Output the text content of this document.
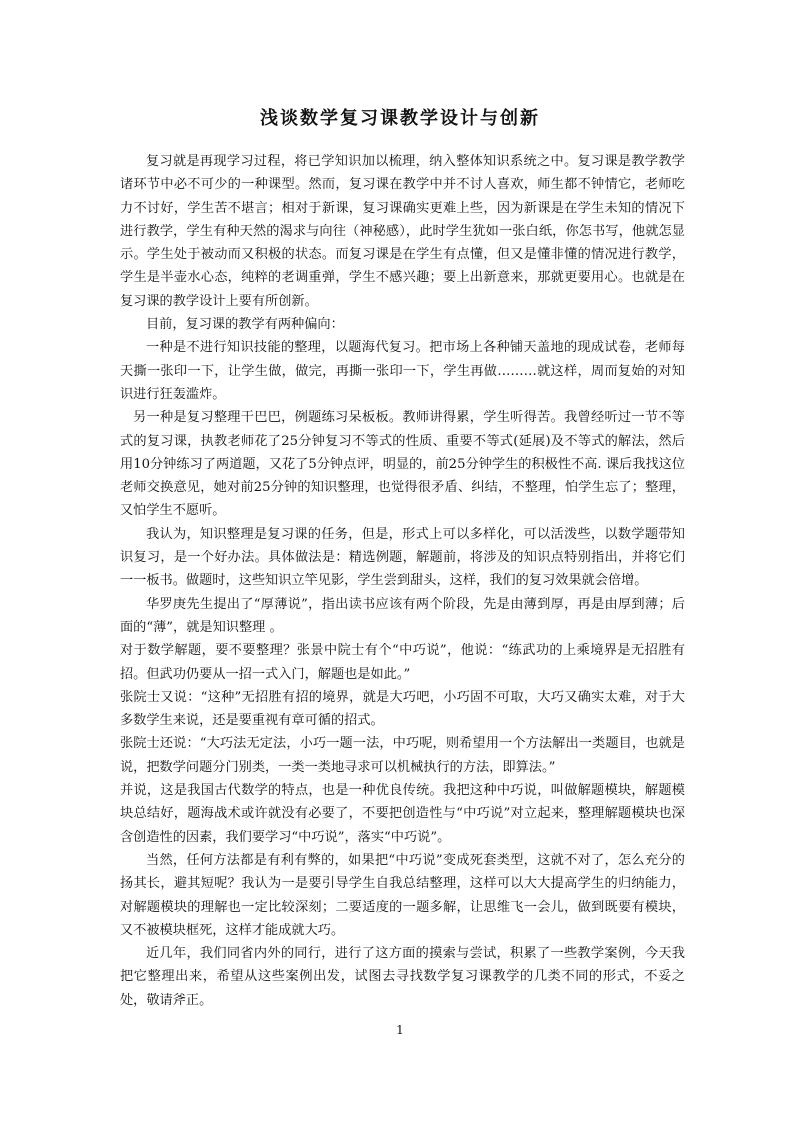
浅谈数学复习课教学设计与创新

复习就是再现学习过程，将已学知识加以梳理，纳入整体知识系统之中。复习课是教学教学诸环节中必不可少的一种课型。然而，复习课在教学中并不讨人喜欢，师生都不钟情它，老师吃力不讨好，学生苦不堪言；相对于新课，复习课确实更难上些，因为新课是在学生未知的情况下进行教学，学生有种天然的渴求与向往（神秘感），此时学生犹如一张白纸，你怎书写，他就怎显示。学生处于被动而又积极的状态。而复习课是在学生有点懂，但又是懂非懂的情况进行教学，学生是半壶水心态，纯粹的老调重弹，学生不感兴趣；要上出新意来，那就更要用心。也就是在复习课的教学设计上要有所创新。

目前，复习课的教学有两种偏向：

一种是不进行知识技能的整理，以题海代复习。把市场上各种铺天盖地的现成试卷，老师每天撕一张印一下，让学生做，做完，再撕一张印一下，学生再做………就这样，周而复始的对知识进行狂轰滥炸。

另一种是复习整理干巴巴，例题练习呆板板。教师讲得累，学生听得苦。我曾经听过一节不等式的复习课，执教老师花了25分钟复习不等式的性质、重要不等式(延展)及不等式的解法，然后用10分钟练习了两道题，又花了5分钟点评，明显的，前25分钟学生的积极性不高. 课后我找这位老师交换意见，她对前25分钟的知识整理，也觉得很矛盾、纠结，不整理，怕学生忘了；整理，又怕学生不愿听。

我认为，知识整理是复习课的任务，但是，形式上可以多样化，可以活泼些，以数学题带知识复习，是一个好办法。具体做法是：精选例题，解题前，将涉及的知识点特别指出，并将它们一一板书。做题时，这些知识立竿见影，学生尝到甜头，这样，我们的复习效果就会倍增。

华罗庚先生提出了“厚薄说”，指出读书应该有两个阶段，先是由薄到厚，再是由厚到薄；后面的“薄”，就是知识整理 。

对于数学解题，要不要整理？张景中院士有个“中巧说”，他说：“练武功的上乘境界是无招胜有招。但武功仍要从一招一式入门，解题也是如此。”

张院士又说：“这种”无招胜有招的境界，就是大巧吧，小巧固不可取，大巧又确实太难，对于大多数学生来说，还是要重视有章可循的招式。

张院士还说：“大巧法无定法，小巧一题一法，中巧呢，则希望用一个方法解出一类题目，也就是说，把数学问题分门别类，一类一类地寻求可以机械执行的方法，即算法。”

并说，这是我国古代数学的特点，也是一种优良传统。我把这种中巧说，叫做解题模块，解题模块总结好，题海战术或许就没有必要了，不要把创造性与“中巧说”对立起来，整理解题模块也深含创造性的因素，我们要学习“中巧说”，落实“中巧说”。

当然，任何方法都是有利有弊的，如果把“中巧说”变成死套类型，这就不对了，怎么充分的扬其长，避其短呢？我认为一是要引导学生自我总结整理，这样可以大大提高学生的归纳能力，对解题模块的理解也一定比较深刻；二要适度的一题多解，让思维飞一会儿，做到既要有模块，又不被模块框死，这样才能成就大巧。

近几年，我们同省内外的同行，进行了这方面的摸索与尝试，积累了一些教学案例，今天我把它整理出来，希望从这些案例出发，试图去寻找数学复习课教学的几类不同的形式，不妥之处，敬请斧正。

1
